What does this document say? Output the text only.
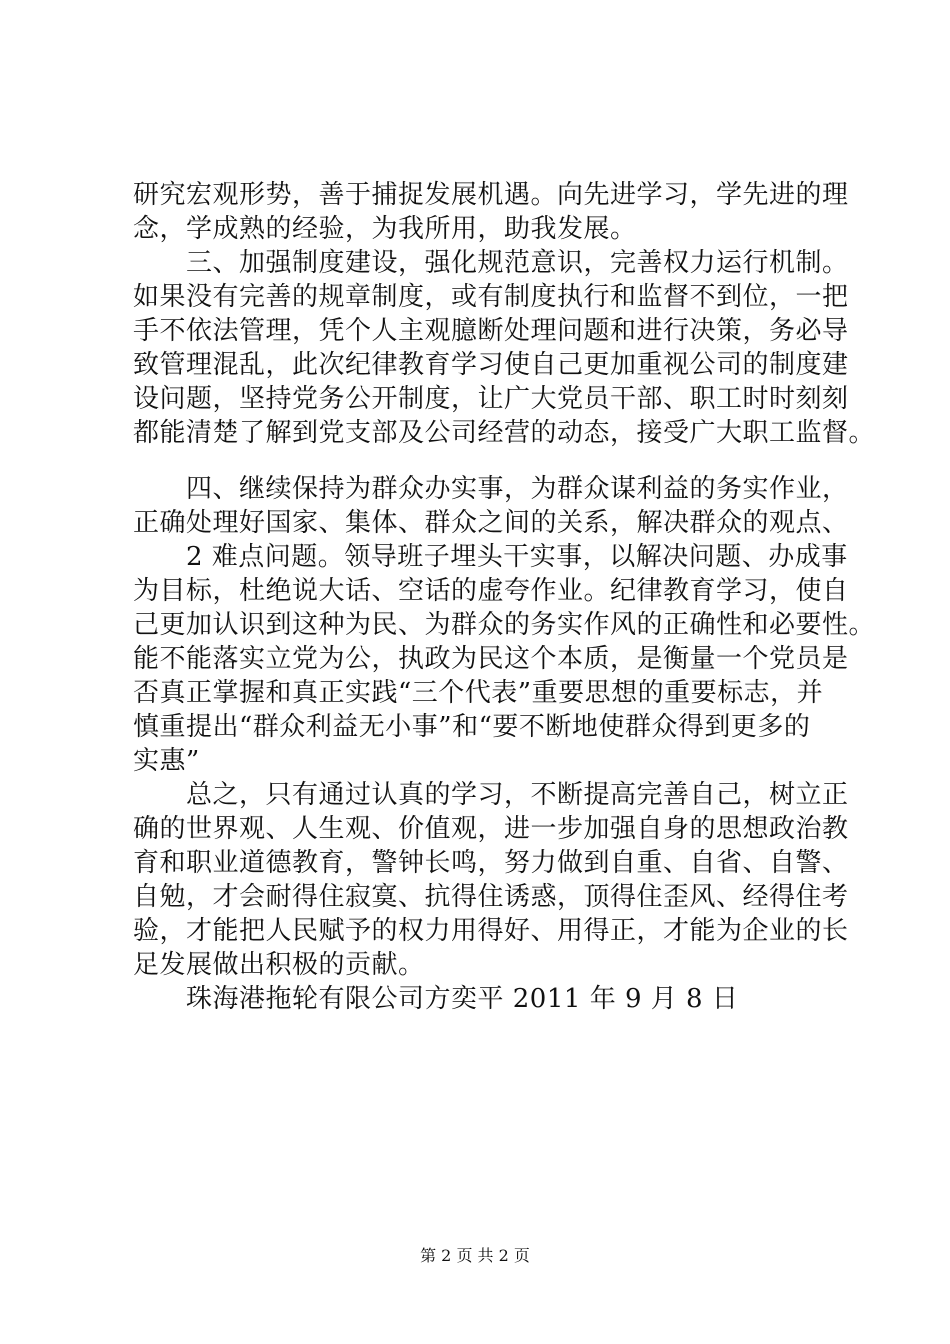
研究宏观形势，善于捕捉发展机遇。向先进学习，学先进的理
念，学成熟的经验，为我所用，助我发展。
　　三、加强制度建设，强化规范意识，完善权力运行机制。
如果没有完善的规章制度，或有制度执行和监督不到位，一把
手不依法管理，凭个人主观臆断处理问题和进行决策，务必导
致管理混乱，此次纪律教育学习使自己更加重视公司的制度建
设问题，坚持党务公开制度，让广大党员干部、职工时时刻刻
都能清楚了解到党支部及公司经营的动态，接受广大职工监督。
　　四、继续保持为群众办实事，为群众谋利益的务实作业，
正确处理好国家、集体、群众之间的关系，解决群众的观点、
　　2 难点问题。领导班子埋头干实事，以解决问题、办成事
为目标，杜绝说大话、空话的虚夸作业。纪律教育学习，使自
己更加认识到这种为民、为群众的务实作风的正确性和必要性。
能不能落实立党为公，执政为民这个本质，是衡量一个党员是
否真正掌握和真正实践“三个代表”重要思想的重要标志，并
慎重提出“群众利益无小事”和“要不断地使群众得到更多的
实惠”
　　总之，只有通过认真的学习，不断提高完善自己，树立正
确的世界观、人生观、价值观，进一步加强自身的思想政治教
育和职业道德教育，警钟长鸣，努力做到自重、自省、自警、
自勉，才会耐得住寂寞、抗得住诱惑，顶得住歪风、经得住考
验，才能把人民赋予的权力用得好、用得正，才能为企业的长
足发展做出积极的贡献。
　　珠海港拖轮有限公司方奕平 2011 年 9 月 8 日
第 2 页 共 2 页
